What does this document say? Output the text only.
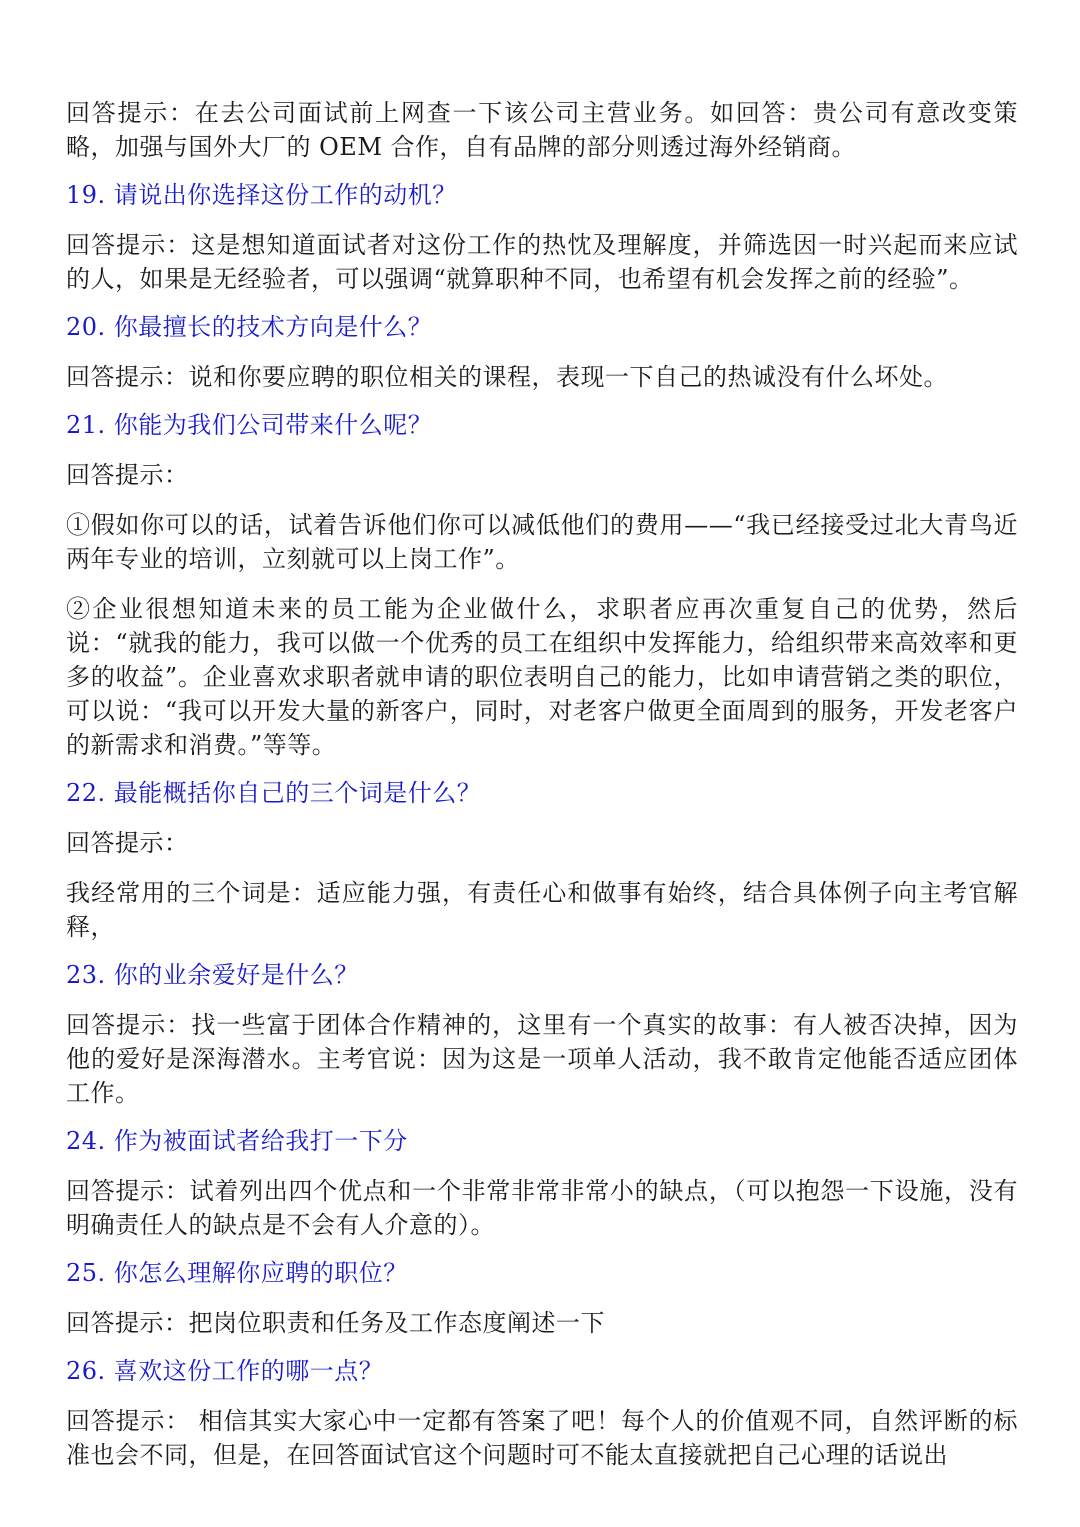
回答提示：在去公司面试前上网查一下该公司主营业务。如回答：贵公司有意改变策略，加强与国外大厂的 OEM 合作，自有品牌的部分则透过海外经销商。

19. 请说出你选择这份工作的动机？

回答提示：这是想知道面试者对这份工作的热忱及理解度，并筛选因一时兴起而来应试的人，如果是无经验者，可以强调“就算职种不同，也希望有机会发挥之前的经验”。

20. 你最擅长的技术方向是什么？

回答提示：说和你要应聘的职位相关的课程，表现一下自己的热诚没有什么坏处。

21. 你能为我们公司带来什么呢？

回答提示：

①假如你可以的话，试着告诉他们你可以减低他们的费用——“我已经接受过北大青鸟近两年专业的培训，立刻就可以上岗工作”。

②企业很想知道未来的员工能为企业做什么，求职者应再次重复自己的优势，然后说：“就我的能力，我可以做一个优秀的员工在组织中发挥能力，给组织带来高效率和更多的收益”。企业喜欢求职者就申请的职位表明自己的能力，比如申请营销之类的职位，可以说：“我可以开发大量的新客户，同时，对老客户做更全面周到的服务，开发老客户的新需求和消费。”等等。

22. 最能概括你自己的三个词是什么？

回答提示：

我经常用的三个词是：适应能力强，有责任心和做事有始终，结合具体例子向主考官解释，

23. 你的业余爱好是什么？

回答提示：找一些富于团体合作精神的，这里有一个真实的故事：有人被否决掉，因为他的爱好是深海潜水。主考官说：因为这是一项单人活动，我不敢肯定他能否适应团体工作。

24. 作为被面试者给我打一下分

回答提示：试着列出四个优点和一个非常非常非常小的缺点，（可以抱怨一下设施，没有明确责任人的缺点是不会有人介意的）。

25. 你怎么理解你应聘的职位？

回答提示：把岗位职责和任务及工作态度阐述一下

26. 喜欢这份工作的哪一点？

回答提示： 相信其实大家心中一定都有答案了吧！每个人的价值观不同，自然评断的标准也会不同，但是，在回答面试官这个问题时可不能太直接就把自己心理的话说出
